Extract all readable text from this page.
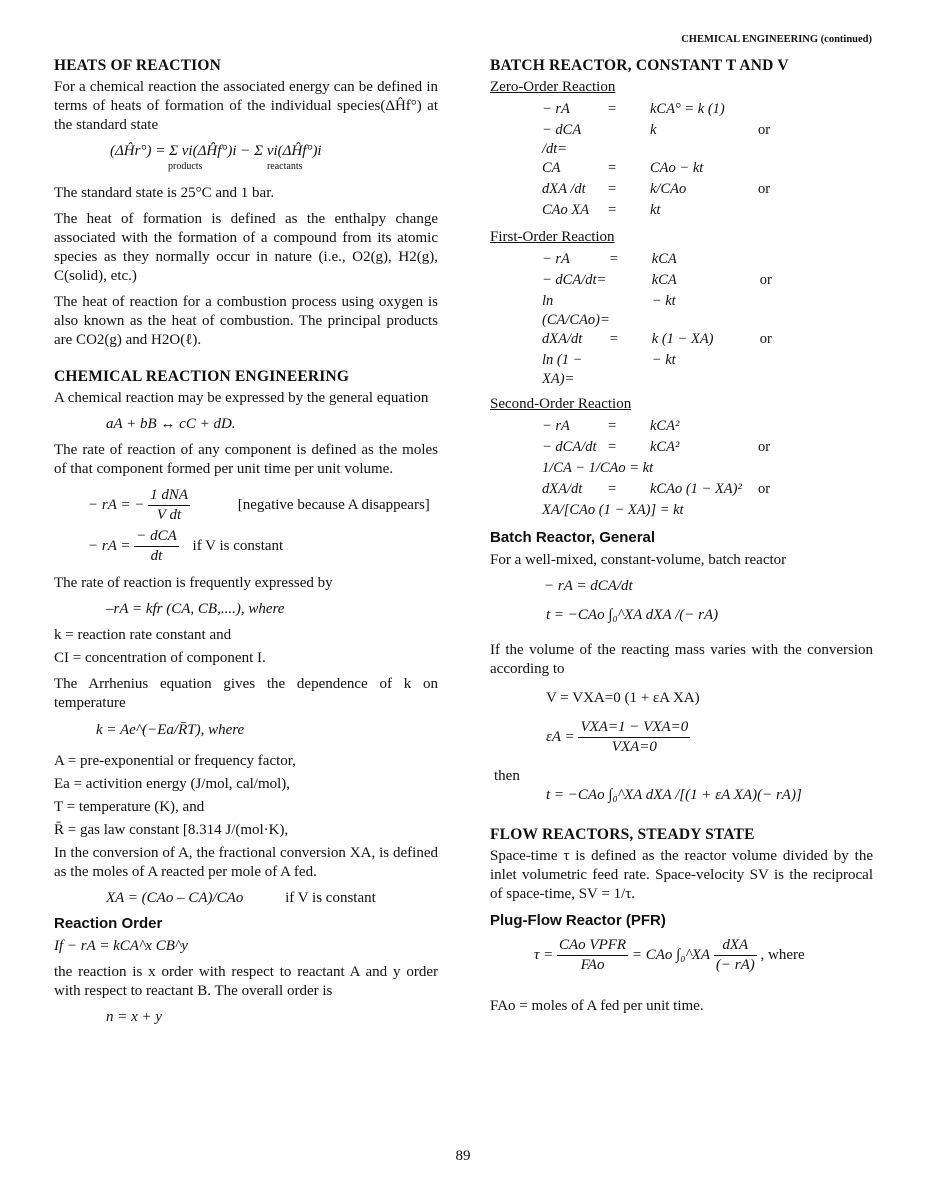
CHEMICAL ENGINEERING (continued)
HEATS OF REACTION

For a chemical reaction the associated energy can be defined in terms of heats of formation of the individual species(ΔĤf°) at the standard state

(ΔĤr°) = Σ νi(ΔĤf°)i − Σ νi(ΔĤf°)i
products	reactants

The standard state is 25°C and 1 bar.

The heat of formation is defined as the enthalpy change associated with the formation of a compound from its atomic species as they normally occur in nature (i.e., O2(g), H2(g), C(solid), etc.)

The heat of reaction for a combustion process using oxygen is also known as the heat of combustion. The principal products are CO2(g) and H2O(ℓ).

CHEMICAL REACTION ENGINEERING

A chemical reaction may be expressed by the general equation

aA + bB ↔ cC + dD.

The rate of reaction of any component is defined as the moles of that component formed per unit time per unit volume.

− rA = − $\frac{\text{1 dNA}}{\text{V dt}}$	[negative because A disappears]
− rA = $\frac{\text{− dCA}}{dt}$ if V is constant

The rate of reaction is frequently expressed by

–rA = kfr (CA, CB,....), where

k = reaction rate constant and

CI = concentration of component I.

The Arrhenius equation gives the dependence of k on temperature

k = Ae^(−Ea/R̄T), where

A = pre-exponential or frequency factor,

Ea = activition energy (J/mol, cal/mol),

T = temperature (K), and

R̄ = gas law constant [8.314 J/(mol·K),

In the conversion of A, the fractional conversion XA, is defined as the moles of A reacted per mole of A fed.

XA = (CAo – CA)/CAo	if V is constant
Reaction Order

If − rA = kCA^x CB^y

the reaction is x order with respect to reactant A and y order with respect to reactant B. The overall order is

n = x + y

BATCH REACTOR, CONSTANT T AND V

Zero-Order Reaction

− rA	=	kCA° = k (1)	
− dCA /dt=		k	or
CA	=	CAo − kt	
dXA /dt	=	k/CAo	or
CAo XA	=	kt	

First-Order Reaction

− rA	=	kCA	
− dCA/dt=		kCA	or
ln (CA/CAo)=		− kt	
dXA/dt	=	k (1 − XA)	or
ln (1 − XA)=		− kt	

Second-Order Reaction

− rA	=	kCA²	
− dCA/dt	=	kCA²	or
1/CA − 1/CAo = kt			
dXA/dt	=	kCAo (1 − XA)²	or
XA/[CAo (1 − XA)] = kt			
Batch Reactor, General

For a well-mixed, constant-volume, batch reactor

− rA = dCA/dt

t = −CAo ∫₀^XA dXA /(− rA)

If the volume of the reacting mass varies with the conversion according to

V = VXA=0 (1 + εA XA)

$\varepsilon A = \frac{\text{VXA=1 − VXA=0}}{\text{VXA=0}}$
then
t = −CAo ∫₀^XA dXA /[(1 + εA XA)(− rA)]
FLOW REACTORS, STEADY STATE

Space-time τ is defined as the reactor volume divided by the inlet volumetric feed rate. Space-velocity SV is the reciprocal of space-time, SV = 1/τ.

Plug-Flow Reactor (PFR)
$\tau = \frac{\text{CAo VPFR}}{\text{FAo}}$ = CAo ∫₀^XA $\frac{\text{dXA}}{(- rA)}$ , where

FAo = moles of A fed per unit time.

89
